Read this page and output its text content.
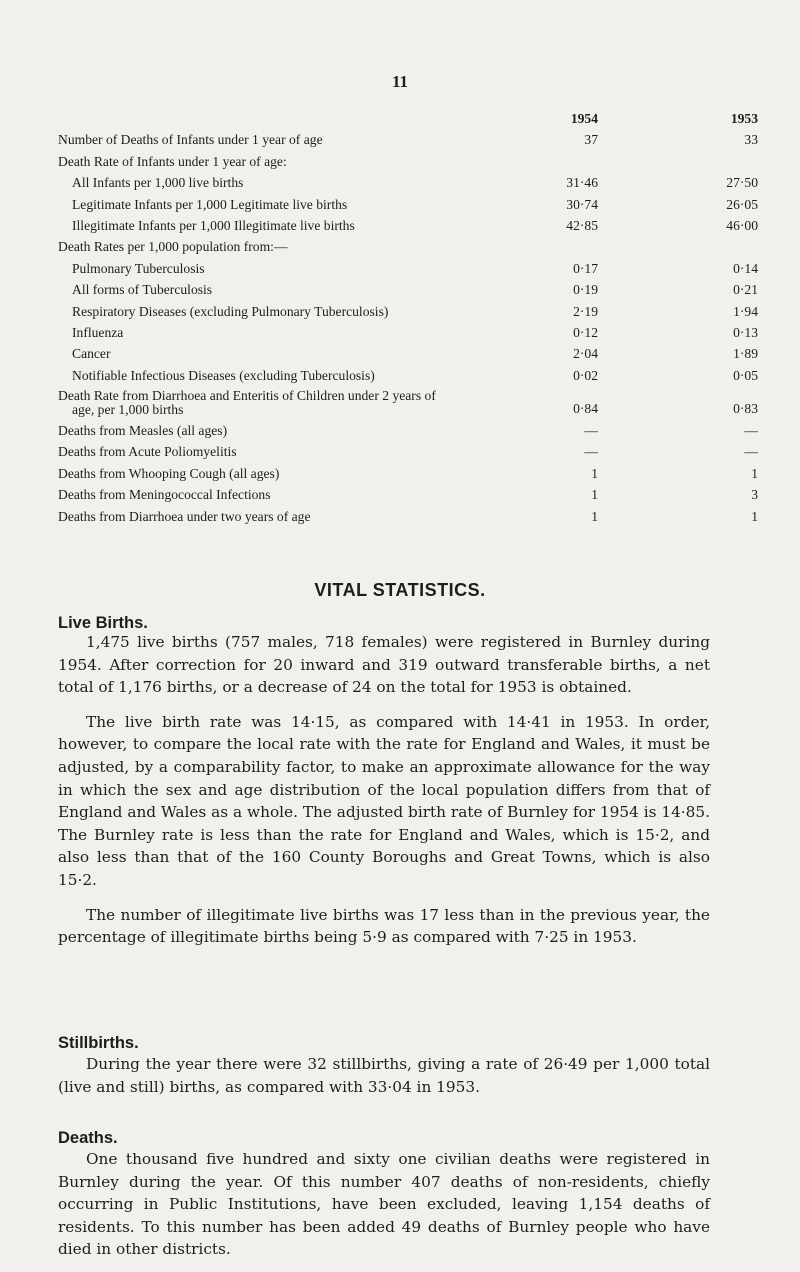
11
1954	1953
Number of Deaths of Infants under 1 year of age	37	33
Death Rate of Infants under 1 year of age:
All Infants per 1,000 live births	31·46	27·50
Legitimate Infants per 1,000 Legitimate live births	30·74	26·05
Illegitimate Infants per 1,000 Illegitimate live births	42·85	46·00
Death Rates per 1,000 population from:—
Pulmonary Tuberculosis	0·17	0·14
All forms of Tuberculosis	0·19	0·21
Respiratory Diseases (excluding Pulmonary Tuberculosis)	2·19	1·94
Influenza	0·12	0·13
Cancer	2·04	1·89
Notifiable Infectious Diseases (excluding Tuberculosis)	0·02	0·05
Death Rate from Diarrhoea and Enteritis of Children under 2 years of
age, per 1,000 births	0·84	0·83
Deaths from Measles (all ages)	—	—
Deaths from Acute Poliomyelitis	—	—
Deaths from Whooping Cough (all ages)	1	1
Deaths from Meningococcal Infections	1	3
Deaths from Diarrhoea under two years of age	1	1
VITAL STATISTICS.
Live Births.

1,475 live births (757 males, 718 females) were registered in Burnley during 1954. After correction for 20 inward and 319 outward transferable births, a net total of 1,176 births, or a decrease of 24 on the total for 1953 is obtained.

The live birth rate was 14·15, as compared with 14·41 in 1953. In order, however, to compare the local rate with the rate for England and Wales, it must be adjusted, by a comparability factor, to make an approximate allowance for the way in which the sex and age distribution of the local population differs from that of England and Wales as a whole. The adjusted birth rate of Burnley for 1954 is 14·85. The Burnley rate is less than the rate for England and Wales, which is 15·2, and also less than that of the 160 County Boroughs and Great Towns, which is also 15·2.

The number of illegitimate live births was 17 less than in the previous year, the percentage of illegitimate births being 5·9 as compared with 7·25 in 1953.

Stillbirths.

During the year there were 32 stillbirths, giving a rate of 26·49 per 1,000 total (live and still) births, as compared with 33·04 in 1953.

Deaths.

One thousand five hundred and sixty one civilian deaths were registered in Burnley during the year. Of this number 407 deaths of non-residents, chiefly occurring in Public Institutions, have been excluded, leaving 1,154 deaths of residents. To this number has been added 49 deaths of Burnley people who have died in other districts.
